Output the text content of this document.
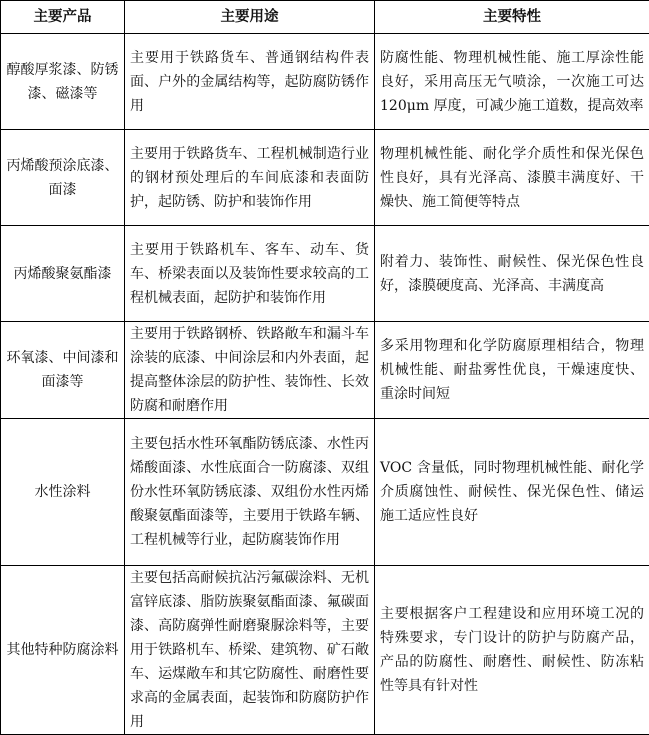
主要产品	主要用途	主要特性
醇酸厚浆漆、防锈漆、磁漆等	主要用于铁路货车、普通钢结构件表面、户外的金属结构等，起防腐防锈作用	防腐性能、物理机械性能、施工厚涂性能良好，采用高压无气喷涂，一次施工可达 120μm 厚度，可减少施工道数，提高效率
丙烯酸预涂底漆、面漆	主要用于铁路货车、工程机械制造行业的钢材预处理后的车间底漆和表面防护，起防锈、防护和装饰作用	物理机械性能、耐化学介质性和保光保色性良好，具有光泽高、漆膜丰满度好、干燥快、施工简便等特点
丙烯酸聚氨酯漆	主要用于铁路机车、客车、动车、货车、桥梁表面以及装饰性要求较高的工程机械表面，起防护和装饰作用	附着力、装饰性、耐候性、保光保色性良好，漆膜硬度高、光泽高、丰满度高
环氧漆、中间漆和面漆等	主要用于铁路钢桥、铁路敞车和漏斗车涂装的底漆、中间涂层和内外表面，起提高整体涂层的防护性、装饰性、长效防腐和耐磨作用	多采用物理和化学防腐原理相结合，物理机械性能、耐盐雾性优良，干燥速度快、重涂时间短
水性涂料	主要包括水性环氧酯防锈底漆、水性丙烯酸面漆、水性底面合一防腐漆、双组份水性环氧防锈底漆、双组份水性丙烯酸聚氨酯面漆等，主要用于铁路车辆、工程机械等行业，起防腐装饰作用	VOC 含量低，同时物理机械性能、耐化学介质腐蚀性、耐候性、保光保色性、储运施工适应性良好
其他特种防腐涂料	主要包括高耐候抗沾污氟碳涂料、无机富锌底漆、脂防族聚氨酯面漆、氟碳面漆、高防腐弹性耐磨聚脲涂料等，主要用于铁路机车、桥梁、建筑物、矿石敞车、运煤敞车和其它防腐性、耐磨性要求高的金属表面，起装饰和防腐防护作用	主要根据客户工程建设和应用环境工况的特殊要求，专门设计的防护与防腐产品，产品的防腐性、耐磨性、耐候性、防冻粘性等具有针对性
